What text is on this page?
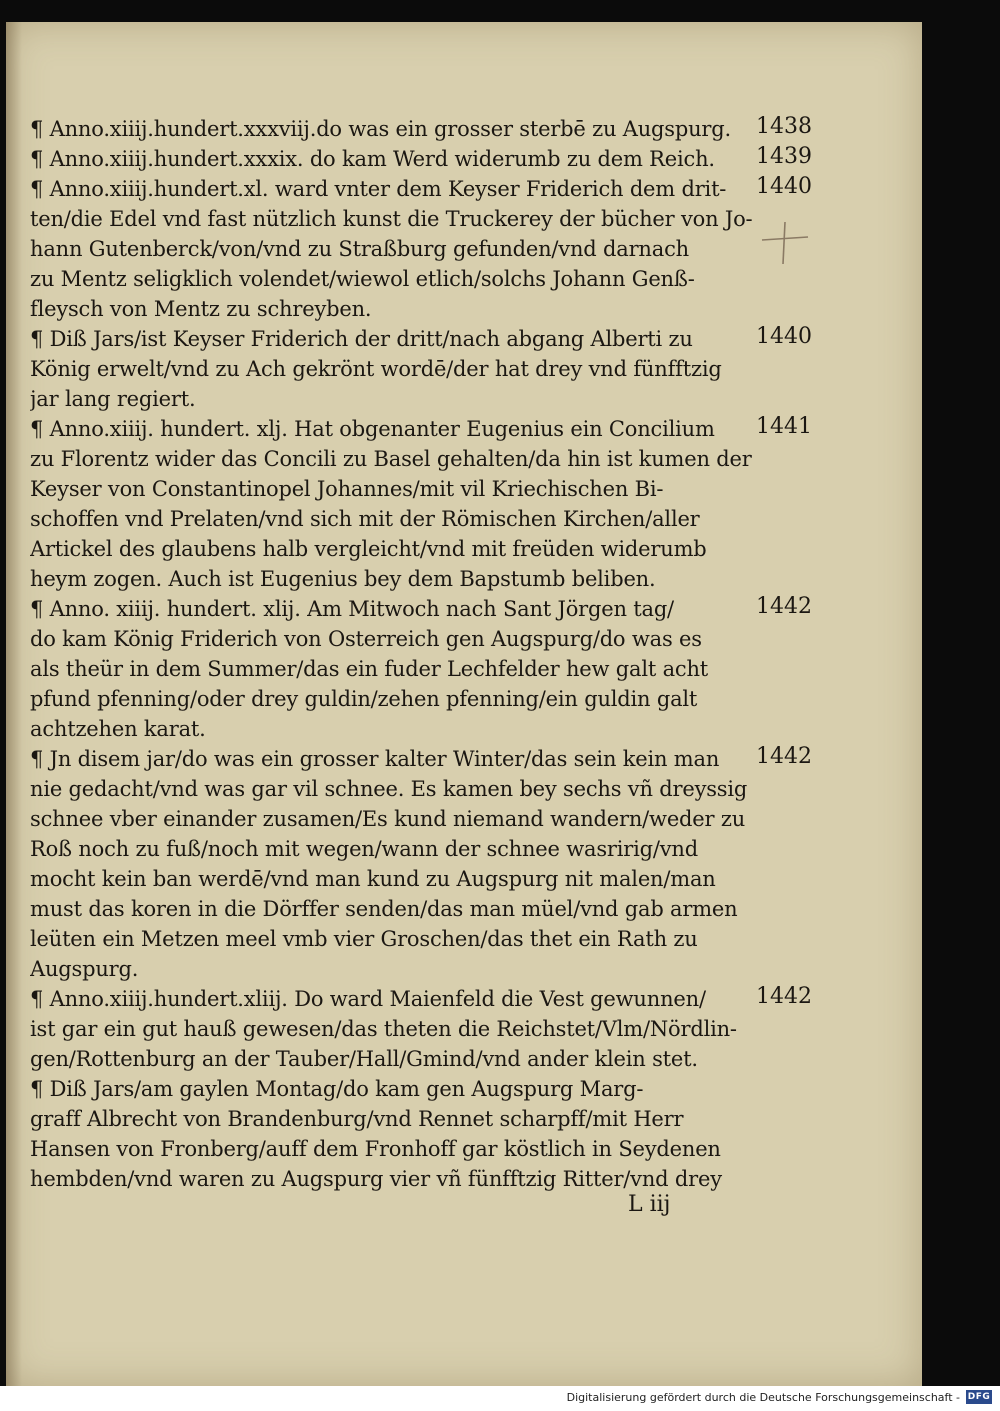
¶ Anno.xiiij.hundert.xxxviij.do was ein grosser sterbē zu Augspurg.
¶ Anno.xiiij.hundert.xxxix. do kam Werd widerumb zu dem Reich.
¶ Anno.xiiij.hundert.xl. ward vnter dem Keyser Friderich dem drit-
ten/die Edel vnd fast nützlich kunst die Truckerey der bücher von Jo-
hann Gutenberck/von/vnd zu Straßburg gefunden/vnd darnach
zu Mentz seligklich volendet/wiewol etlich/solchs Johann Genß-
fleysch von Mentz zu schreyben.
¶ Diß Jars/ist Keyser Friderich der dritt/nach abgang Alberti zu
König erwelt/vnd zu Ach gekrönt wordē/der hat drey vnd fünfftzig
jar lang regiert.
¶ Anno.xiiij. hundert. xlj. Hat obgenanter Eugenius ein Concilium
zu Florentz wider das Concili zu Basel gehalten/da hin ist kumen der
Keyser von Constantinopel Johannes/mit vil Kriechischen Bi-
schoffen vnd Prelaten/vnd sich mit der Römischen Kirchen/aller
Artickel des glaubens halb vergleicht/vnd mit freüden widerumb
heym zogen. Auch ist Eugenius bey dem Bapstumb beliben.
¶ Anno. xiiij. hundert. xlij. Am Mitwoch nach Sant Jörgen tag/
do kam König Friderich von Osterreich gen Augspurg/do was es
als theür in dem Summer/das ein fuder Lechfelder hew galt acht
pfund pfenning/oder drey guldin/zehen pfenning/ein guldin galt
achtzehen karat.
¶ Jn disem jar/do was ein grosser kalter Winter/das sein kein man
nie gedacht/vnd was gar vil schnee. Es kamen bey sechs vñ dreyssig
schnee vber einander zusamen/Es kund niemand wandern/weder zu
Roß noch zu fuß/noch mit wegen/wann der schnee wasririg/vnd
mocht kein ban werdē/vnd man kund zu Augspurg nit malen/man
must das koren in die Dörffer senden/das man müel/vnd gab armen
leüten ein Metzen meel vmb vier Groschen/das thet ein Rath zu
Augspurg.
¶ Anno.xiiij.hundert.xliij. Do ward Maienfeld die Vest gewunnen/
ist gar ein gut hauß gewesen/das theten die Reichstet/Vlm/Nördlin-
gen/Rottenburg an der Tauber/Hall/Gmind/vnd ander klein stet.
¶ Diß Jars/am gaylen Montag/do kam gen Augspurg Marg-
graff Albrecht von Brandenburg/vnd Rennet scharpff/mit Herr
Hansen von Fronberg/auff dem Fronhoff gar köstlich in Seydenen
hembden/vnd waren zu Augspurg vier vñ fünfftzig Ritter/vnd drey
1438
1439
1440
1440
1441
1442
1442
1442
L iij
Digitalisierung gefördert durch die Deutsche Forschungsgemeinschaft - DFG
